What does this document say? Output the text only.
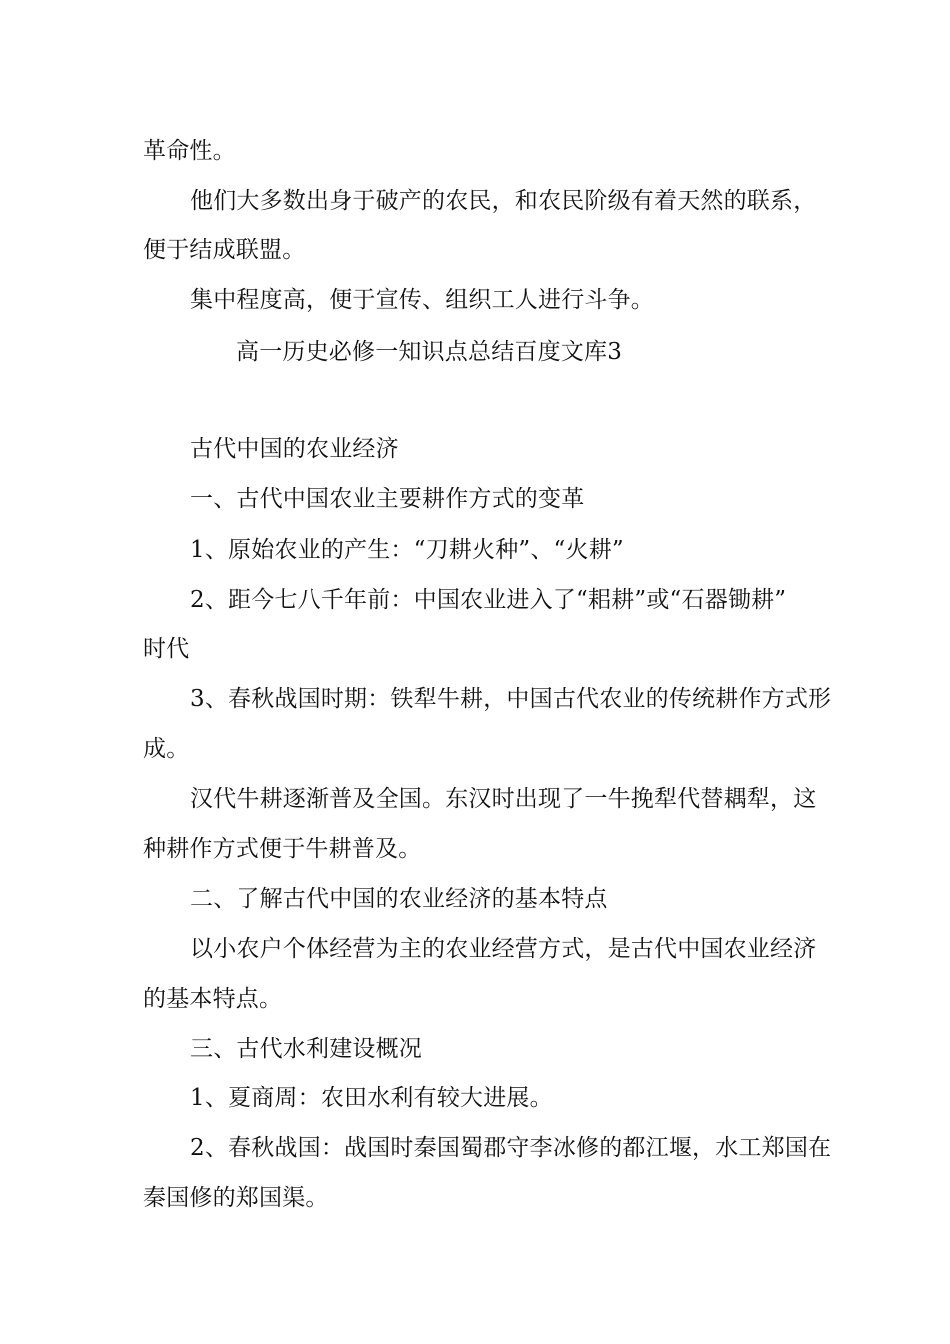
革命性。
他们大多数出身于破产的农民，和农民阶级有着天然的联系，
便于结成联盟。
集中程度高，便于宣传、组织工人进行斗争。
高一历史必修一知识点总结百度文库3
古代中国的农业经济
一、古代中国农业主要耕作方式的变革
1、原始农业的产生：“刀耕火种”、“火耕”
2、距今七八千年前：中国农业进入了“耜耕”或“石器锄耕”
时代
3、春秋战国时期：铁犁牛耕，中国古代农业的传统耕作方式形
成。
汉代牛耕逐渐普及全国。东汉时出现了一牛挽犁代替耦犁，这
种耕作方式便于牛耕普及。
二、了解古代中国的农业经济的基本特点
以小农户个体经营为主的农业经营方式，是古代中国农业经济
的基本特点。
三、古代水利建设概况
1、夏商周：农田水利有较大进展。
2、春秋战国：战国时秦国蜀郡守李冰修的都江堰，水工郑国在
秦国修的郑国渠。
